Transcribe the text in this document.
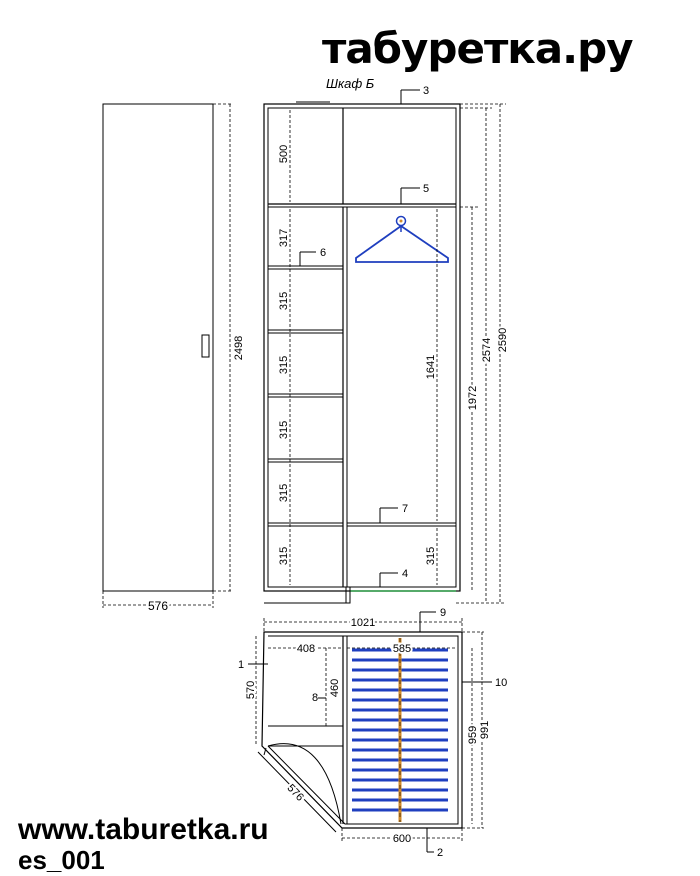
табуретка.ру
Шкаф Б
2498
576
500
317
315
315
315
315
315
1641
315
1972
2574 2590
3
5
6
7
4
1021
408	585
570	460
576
959 991
600
1
8
9
10
2
www.taburetka.ru
es_001
